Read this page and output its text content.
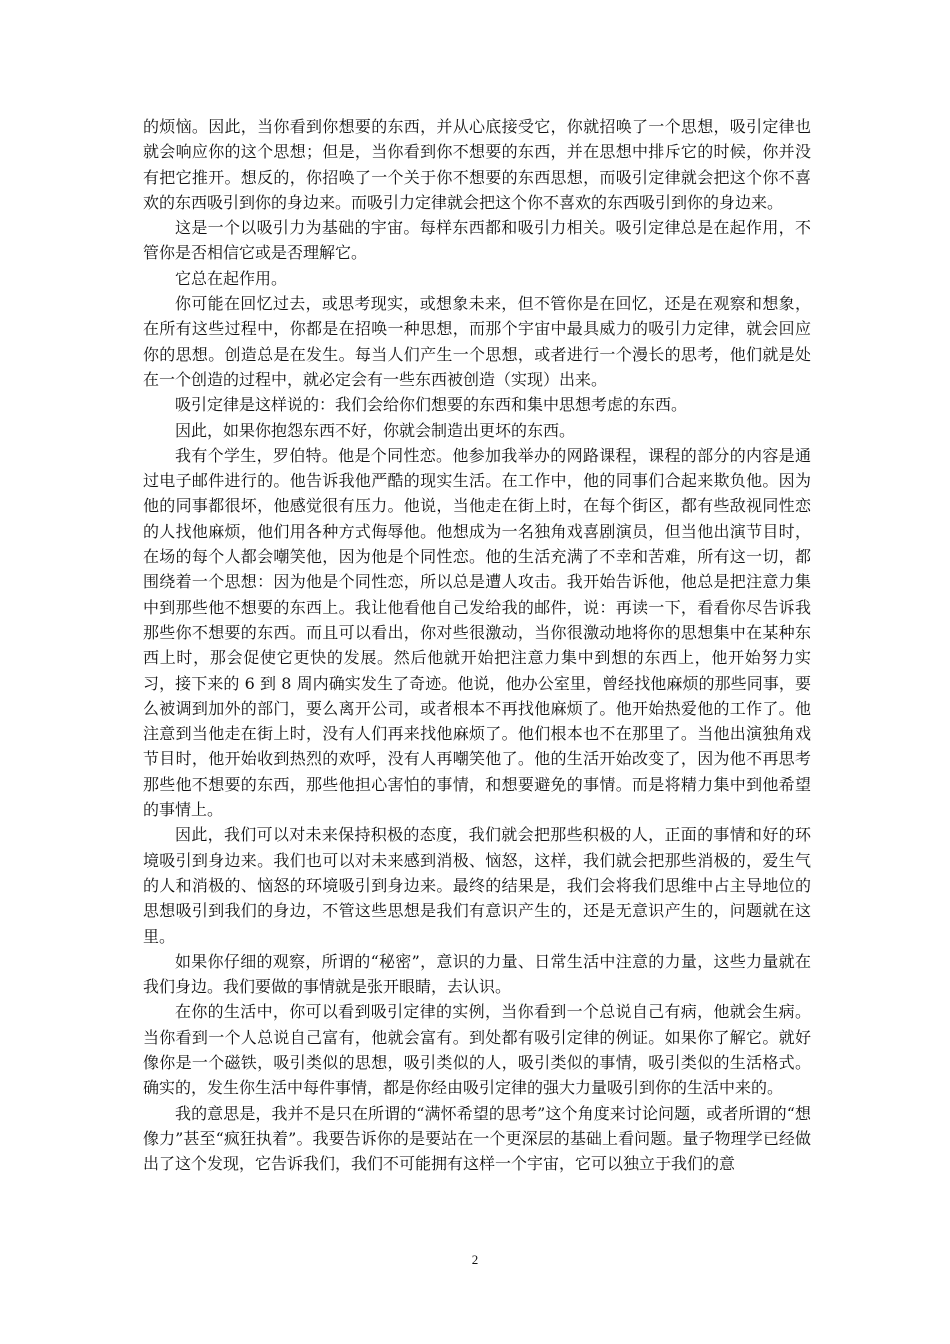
的烦恼。因此，当你看到你想要的东西，并从心底接受它，你就招唤了一个思想，吸引定律也就会响应你的这个思想；但是，当你看到你不想要的东西，并在思想中排斥它的时候，你并没有把它推开。想反的，你招唤了一个关于你不想要的东西思想，而吸引定律就会把这个你不喜欢的东西吸引到你的身边来。而吸引力定律就会把这个你不喜欢的东西吸引到你的身边来。

这是一个以吸引力为基础的宇宙。每样东西都和吸引力相关。吸引定律总是在起作用，不管你是否相信它或是否理解它。

它总在起作用。

你可能在回忆过去，或思考现实，或想象未来，但不管你是在回忆，还是在观察和想象，在所有这些过程中，你都是在招唤一种思想，而那个宇宙中最具威力的吸引力定律，就会回应你的思想。创造总是在发生。每当人们产生一个思想，或者进行一个漫长的思考，他们就是处在一个创造的过程中，就必定会有一些东西被创造（实现）出来。

吸引定律是这样说的：我们会给你们想要的东西和集中思想考虑的东西。

因此，如果你抱怨东西不好，你就会制造出更坏的东西。

我有个学生，罗伯特。他是个同性恋。他参加我举办的网路课程，课程的部分的内容是通过电子邮件进行的。他告诉我他严酷的现实生活。在工作中，他的同事们合起来欺负他。因为他的同事都很坏，他感觉很有压力。他说，当他走在街上时，在每个街区，都有些敌视同性恋的人找他麻烦，他们用各种方式侮辱他。他想成为一名独角戏喜剧演员，但当他出演节目时，在场的每个人都会嘲笑他，因为他是个同性恋。他的生活充满了不幸和苦难，所有这一切，都围绕着一个思想：因为他是个同性恋，所以总是遭人攻击。我开始告诉他，他总是把注意力集中到那些他不想要的东西上。我让他看他自己发给我的邮件，说：再读一下，看看你尽告诉我那些你不想要的东西。而且可以看出，你对些很激动，当你很激动地将你的思想集中在某种东西上时，那会促使它更快的发展。然后他就开始把注意力集中到想的东西上，他开始努力实习，接下来的 6 到 8 周内确实发生了奇迹。他说，他办公室里，曾经找他麻烦的那些同事，要么被调到加外的部门，要么离开公司，或者根本不再找他麻烦了。他开始热爱他的工作了。他注意到当他走在街上时，没有人们再来找他麻烦了。他们根本也不在那里了。当他出演独角戏节目时，他开始收到热烈的欢呼，没有人再嘲笑他了。他的生活开始改变了，因为他不再思考那些他不想要的东西，那些他担心害怕的事情，和想要避免的事情。而是将精力集中到他希望的事情上。

因此，我们可以对未来保持积极的态度，我们就会把那些积极的人，正面的事情和好的环境吸引到身边来。我们也可以对未来感到消极、恼怒，这样，我们就会把那些消极的，爱生气的人和消极的、恼怒的环境吸引到身边来。最终的结果是，我们会将我们思维中占主导地位的思想吸引到我们的身边，不管这些思想是我们有意识产生的，还是无意识产生的，问题就在这里。

如果你仔细的观察，所谓的“秘密”，意识的力量、日常生活中注意的力量，这些力量就在我们身边。我们要做的事情就是张开眼睛，去认识。

在你的生活中，你可以看到吸引定律的实例，当你看到一个总说自己有病，他就会生病。当你看到一个人总说自己富有，他就会富有。到处都有吸引定律的例证。如果你了解它。就好像你是一个磁铁，吸引类似的思想，吸引类似的人，吸引类似的事情，吸引类似的生活格式。确实的，发生你生活中每件事情，都是你经由吸引定律的强大力量吸引到你的生活中来的。

我的意思是，我并不是只在所谓的“满怀希望的思考”这个角度来讨论问题，或者所谓的“想像力”甚至“疯狂执着”。我要告诉你的是要站在一个更深层的基础上看问题。量子物理学已经做出了这个发现，它告诉我们，我们不可能拥有这样一个宇宙，它可以独立于我们的意

2
